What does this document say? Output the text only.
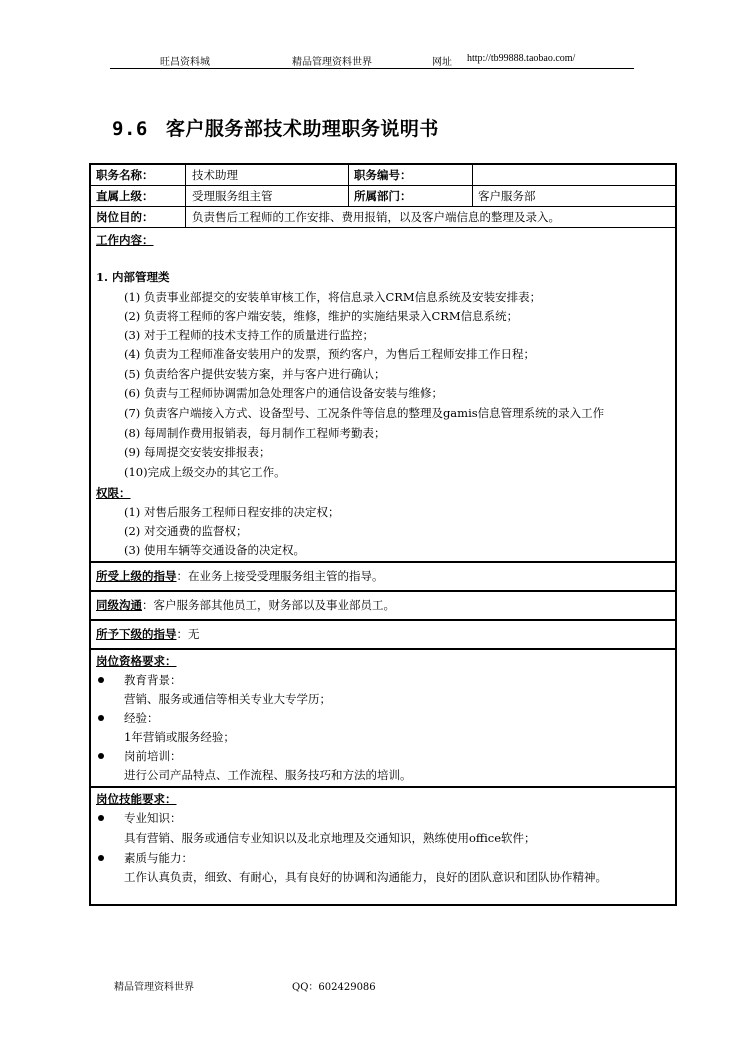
旺昌资料城	精品管理资料世界	网址 http://tb99888.taobao.com/
9.6 客户服务部技术助理职务说明书
职务名称：	技术助理	职务编号：
直属上级：	受理服务组主管	所属部门：	客户服务部
岗位目的：	负责售后工程师的工作安排、费用报销，以及客户端信息的整理及录入。
工作内容：
1. 内部管理类
(1) 负责事业部提交的安装单审核工作，将信息录入CRM信息系统及安装安排表；
(2) 负责将工程师的客户端安装，维修，维护的实施结果录入CRM信息系统；
(3) 对于工程师的技术支持工作的质量进行监控；
(4) 负责为工程师准备安装用户的发票，预约客户，为售后工程师安排工作日程；
(5) 负责给客户提供安装方案，并与客户进行确认；
(6) 负责与工程师协调需加急处理客户的通信设备安装与维修；
(7) 负责客户端接入方式、设备型号、工况条件等信息的整理及gamis信息管理系统的录入工作
(8) 每周制作费用报销表，每月制作工程师考勤表；
(9) 每周提交安装安排报表；
(10)完成上级交办的其它工作。
权限：
(1) 对售后服务工程师日程安排的决定权；
(2) 对交通费的监督权；
(3) 使用车辆等交通设备的决定权。
所受上级的指导：在业务上接受受理服务组主管的指导。
同级沟通：客户服务部其他员工，财务部以及事业部员工。
所予下级的指导：无
岗位资格要求：
教育背景：
营销、服务或通信等相关专业大专学历；
经验：
1年营销或服务经验；
岗前培训：
进行公司产品特点、工作流程、服务技巧和方法的培训。
岗位技能要求：
专业知识：
具有营销、服务或通信专业知识以及北京地理及交通知识，熟练使用office软件；
素质与能力：
工作认真负责，细致、有耐心，具有良好的协调和沟通能力，良好的团队意识和团队协作精神。
精品管理资料世界	QQ：602429086
